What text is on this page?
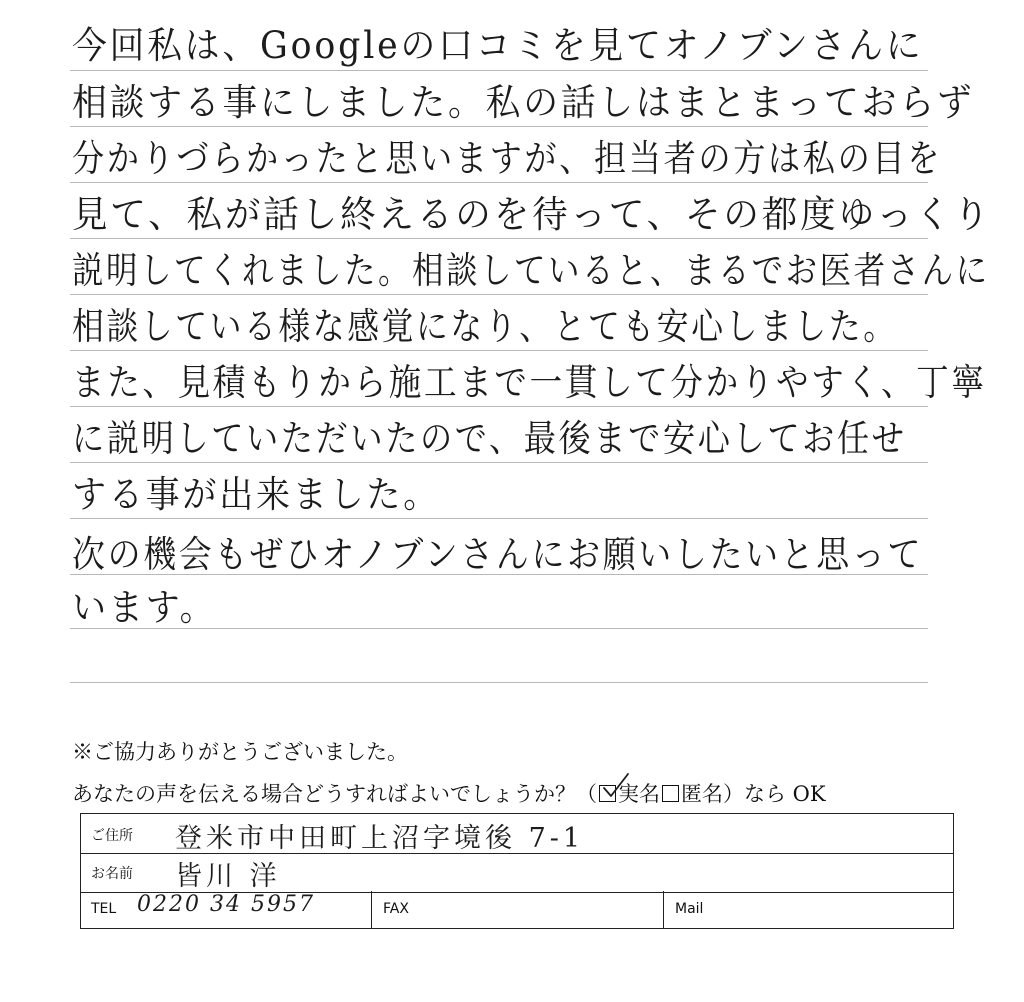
今回私は、Googleの口コミを見てオノブンさんに
相談する事にしました。私の話しはまとまっておらず
分かりづらかったと思いますが、担当者の方は私の目を
見て、私が話し終えるのを待って、その都度ゆっくり
説明してくれました。相談していると、まるでお医者さんに
相談している様な感覚になり、とても安心しました。
また、見積もりから施工まで一貫して分かりやすく、丁寧
に説明していただいたので、最後まで安心してお任せ
する事が出来ました。
次の機会もぜひオノブンさんにお願いしたいと思って
います。
※ご協力ありがとうございました。
あなたの声を伝える場合どうすればよいでしょうか？（ 実名 匿名）なら OK
ご住所 登米市中田町上沼字境後 7-1
お名前 皆川 洋
TEL 0220 34 5957	FAX	Mail
